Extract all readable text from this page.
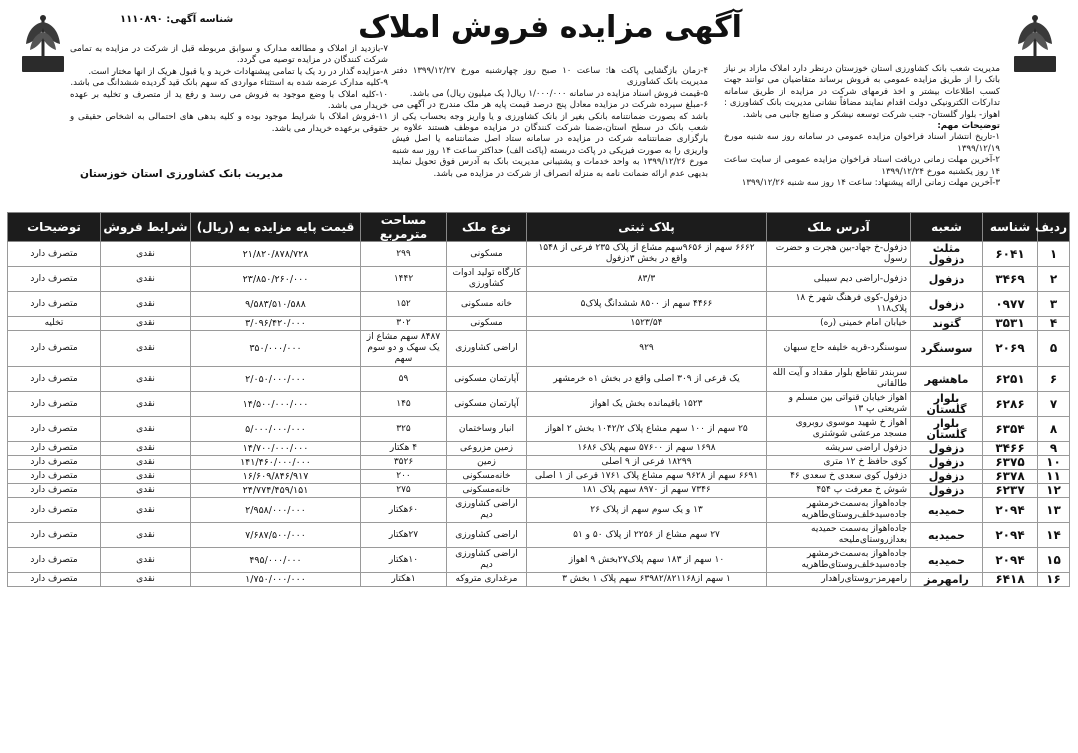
شناسه آگهی: ۱۱۱۰۸۹۰	آگهی مزایده فروش املاک

مدیریت شعب بانک کشاورزی استان خوزستان درنظر دارد املاک مازاد بر نیاز بانک را از طریق مزایده عمومی به فروش برساند متقاضیان می توانند جهت کسب اطلاعات بیشتر و اخذ فرمهای شرکت در مزایده از طریق سامانه تدارکات الکترونیکی دولت اقدام نمایند مضافاً نشانی مدیریت بانک کشاورزی : اهواز- بلوار گلستان- جنب شرکت توسعه نیشکر و صنایع جانبی می باشد.

توضیحات مهم:

۱-تاریخ انتشار اسناد فراخوان مزایده عمومی در سامانه روز سه شنبه مورخ ۱۳۹۹/۱۲/۱۹

۲-آخرین مهلت زمانی دریافت اسناد فراخوان مزایده عمومی از سایت ساعت ۱۴ روز یکشنبه مورخ ۱۳۹۹/۱۲/۲۴

۳-آخرین مهلت زمانی ارائه پیشنهاد: ساعت ۱۴ روز سه شنبه ۱۳۹۹/۱۲/۲۶

۴-زمان بازگشایی پاکت ها: ساعت ۱۰ صبح روز چهارشنبه مورخ ۱۳۹۹/۱۲/۲۷ دفتر مدیریت بانک کشاورزی

۵-قیمت فروش اسناد مزایده در سامانه ۱/۰۰۰/۰۰۰ ریال( یک میلیون ریال) می باشد.

۶-مبلغ سپرده شرکت در مزایده معادل پنج درصد قیمت پایه هر ملک مندرج در آگهی می باشد که بصورت ضمانتنامه بانکی بغیر از بانک کشاورزی و یا واریز وجه بحساب یکی از شعب بانک در سطح استان،ضمنا شرکت کنندگان در مزایده موظف هستند علاوه بر بارگزاری ضمانتنامه شرکت در مزایده در سامانه ستاد اصل ضمانتنامه یا اصل فیش واریزی را به صورت فیزیکی در پاکت دربسته (پاکت الف) حداکثر ساعت ۱۴ روز سه شنبه مورخ ۱۳۹۹/۱۲/۲۶ به واحد خدمات و پشتیبانی مدیریت بانک به آدرس فوق تحویل نمایند بدیهی عدم ارائه ضمانت نامه به منزله انصراف از شرکت در مزایده می باشد.

۷-بازدید از املاک و مطالعه مدارک و سوابق مربوطه قبل از شرکت در مزایده به تمامی شرکت کنندگان در مزایده توصیه می گردد.

۸-مزایده گذار در رد یک یا تمامی پیشنهادات خرید و یا قبول هریک از انها مختار است.

۹-کلیه مدارک عرضه شده به استثناء مواردی که سهم بانک قید گردیده ششدانگ می باشد.

۱۰-کلیه املاک با وضع موجود به فروش می رسد و رفع ید از متصرف و تخلیه بر عهده خریدار می باشد.

۱۱-فروش املاک با شرایط موجود بوده و کلیه بدهی های احتمالی به اشخاص حقیقی و حقوقی برعهده خریدار می باشد.

مدیریت بانک کشاورزی استان خوزستان
ردیف	شناسه	شعبه	آدرس ملک	پلاک ثبتی	نوع ملک	مساحت مترمربع	قیمت پایه مزایده به (ریال)	شرایط فروش	توضیحات
۱	۶۰۴۱	مثلث دزفول	دزفول-خ جهاد-بین هجرت و حضرت رسول	۶۶۶۲ سهم از ۹۶۵۶سهم مشاع از پلاک ۲۳۵ فرعی از ۱۵۴۸ واقع در بخش ۳دزفول	مسکونی	۲۹۹	۲۱/۸۲۰/۸۷۸/۷۲۸	نقدی	متصرف دارد
۲	۳۴۶۹	دزفول	دزفول-اراضی دیم سیبلی	۸۳/۳	کارگاه تولید ادوات کشاورزی	۱۴۴۲	۲۳/۸۵۰/۲۶۰/۰۰۰	نقدی	متصرف دارد
۳	۰۹۷۷	دزفول	دزفول-کوی فرهنگ شهر خ ۱۸ پلاک۱۱۸	۴۴۶۶ سهم از ۸۵۰۰ ششدانگ پلاک۵	خانه مسکونی	۱۵۲	۹/۵۸۳/۵۱۰/۵۸۸	نقدی	متصرف دارد
۴	۳۵۳۱	گتوند	خیابان امام خمینی (ره)	۱۵۲۳/۵۴	مسکونی	۳۰۲	۳/۰۹۶/۴۲۰/۰۰۰	نقدی	تخلیه
۵	۲۰۶۹	سوسنگرد	سوسنگرد-قریه خلیفه حاج سبهان	۹۲۹	اراضی کشاورزی	۸۴۸۷ سهم مشاع از یک سهک و دو سوم سهم	۳۵۰/۰۰۰/۰۰۰	نقدی	متصرف دارد
۶	۶۲۵۱	ماهشهر	سربندر تقاطع بلوار مقداد و آیت الله طالقانی	یک قرعی از ۳۰۹ اصلی واقع در بخش ۱ه خرمشهر	آپارتمان مسکونی	۵۹	۲/۰۵۰/۰۰۰/۰۰۰	نقدی	متصرف دارد
۷	۶۲۸۶	بلوار گلستان	اهواز خیابان قنواتی بین مسلم و شریعتی پ ۱۳	۱۵۲۳ باقیمانده بخش یک اهواز	آپارتمان مسکونی	۱۴۵	۱۴/۵۰۰/۰۰۰/۰۰۰	نقدی	متصرف دارد
۸	۶۳۵۴	بلوار گلستان	اهواز خ شهید موسوی روبروی مسجد مرعشی شوشتری	۲۵ سهم از ۱۰۰ سهم مشاع پلاک ۱۰۴۲/۲ بخش ۲ اهواز	انبار وساختمان	۳۲۵	۵/۰۰۰/۰۰۰/۰۰۰	نقدی	متصرف دارد
۹	۳۴۶۶	دزفول	دزفول اراضی سریشه	۱۶۹۸ سهم از ۵۷۶۰۰ سهم پلاک ۱۶۸۶	زمین مزروعی	۴ هکتار	۱۴/۷۰۰/۰۰۰/۰۰۰	نقدی	متصرف دارد
۱۰	۶۳۷۵	دزفول	کوی حافظ خ ۱۲ متری	۱۸۲۹۹ فرعی از ۹ اصلی	زمین	۳۵۲۶	۱۴۱/۴۶۰/۰۰۰/۰۰۰	نقدی	متصرف دارد
۱۱	۶۳۷۸	دزفول	دزفول کوی سعدی خ سعدی ۴۶	۶۶۹۱ سهم از ۹۶۲۸ سهم مشاع پلاک ۱۷۶۱ قرعی از ۱ اصلی	خانه‌مسکونی	۲۰۰	۱۶/۶۰۹/۸۴۶/۹۱۷	نقدی	متصرف دارد
۱۲	۶۲۳۷	دزفول	شوش خ معرفت پ ۴۵۴	۷۳۴۶ سهم از ۸۹۷۰ سهم پلاک ۱۸۱	خانه‌مسکونی	۲۷۵	۲۴/۷۷۴/۴۵۹/۱۵۱	نقدی	متصرف دارد
۱۳	۲۰۹۴	حمیدیه	جاده‌اهواز به‌سمت‌خرمشهر جاده‌سیدخلف‌روستای‌طاهریه	۱۳ و یک سوم سهم از پلاک ۲۶	اراضی کشاورزی دیم	۶۰هکتار	۲/۹۵۸/۰۰۰/۰۰۰	نقدی	متصرف دارد
۱۴	۲۰۹۴	حمیدیه	جاده‌اهواز به‌سمت حمیدیه بعداز‌روستای‌ملیحه	۲۷ سهم مشاع از ۲۲۵۶ از پلاک ۵۰ و ۵۱	اراضی کشاورزی	۲۷هکتار	۷/۶۸۷/۵۰۰/۰۰۰	نقدی	متصرف دارد
۱۵	۲۰۹۴	حمیدیه	جاده‌اهواز به‌سمت‌خرمشهر جاده‌سیدخلف‌روستای‌طاهریه	۱۰ سهم از ۱۸۳ سهم پلاک۲۷بخش ۹ اهواز	اراضی کشاورزی دیم	۱۰هکتار	۴۹۵/۰۰۰/۰۰۰	نقدی	متصرف دارد
۱۶	۶۴۱۸	رامهرمز	رامهرمز-روستای‌راهدار	۱ سهم از۶۳۹۸۲/۸۲۱۱۶۸ سهم پلاک ۱ بخش ۳	مرغداری متروکه	۱هکتار	۱/۷۵۰/۰۰۰/۰۰۰	نقدی	متصرف دارد
